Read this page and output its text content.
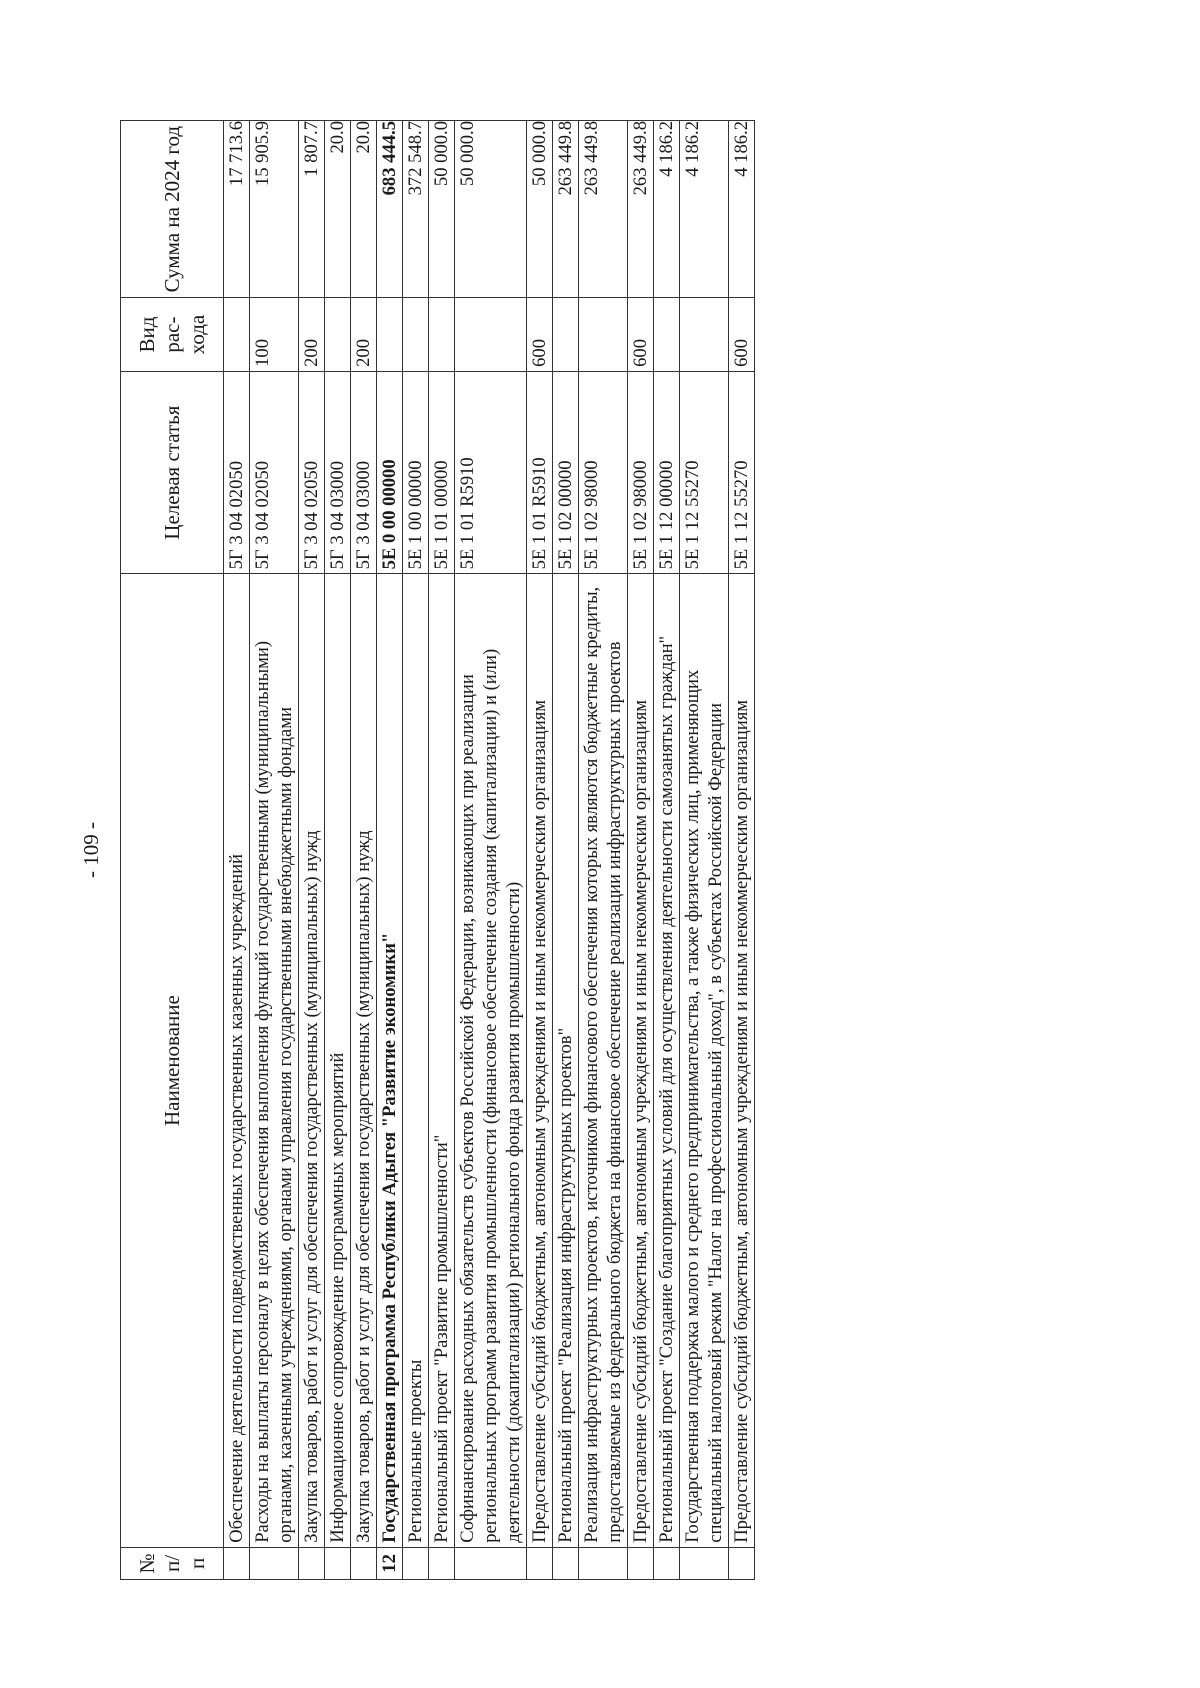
- 109 -
№ п/п	Наименование	Целевая статья	Вид рас-хода	Сумма на 2024 год
	Обеспечение деятельности подведомственных государственных казенных учреждений	5Г 3 04 02050		17 713.6
	Расходы на выплаты персоналу в целях обеспечения выполнения функций государственными (муниципальными) органами, казенными учреждениями, органами управления государственными внебюджетными фондами	5Г 3 04 02050	100	15 905.9
	Закупка товаров, работ и услуг для обеспечения государственных (муниципальных) нужд	5Г 3 04 02050	200	1 807.7
	Информационное сопровождение программных мероприятий	5Г 3 04 03000		20.0
	Закупка товаров, работ и услуг для обеспечения государственных (муниципальных) нужд	5Г 3 04 03000	200	20.0
12	Государственная программа Республики Адыгея "Развитие экономики"	5Е 0 00 00000		683 444.5
	Региональные проекты	5Е 1 00 00000		372 548.7
	Региональный проект "Развитие промышленности"	5Е 1 01 00000		50 000.0
	Софинансирование расходных обязательств субъектов Российской Федерации, возникающих при реализации региональных программ развития промышленности (финансовое обеспечение создания (капитализации) и (или) деятельности (докапитализации) регионального фонда развития промышленности)	5Е 1 01 R5910		50 000.0
	Предоставление субсидий бюджетным, автономным учреждениям и иным некоммерческим организациям	5Е 1 01 R5910	600	50 000.0
	Региональный проект "Реализация инфраструктурных проектов"	5Е 1 02 00000		263 449.8
	Реализация инфраструктурных проектов, источником финансового обеспечения которых являются бюджетные кредиты, предоставляемые из федерального бюджета на финансовое обеспечение реализации инфраструктурных проектов	5Е 1 02 98000		263 449.8
	Предоставление субсидий бюджетным, автономным учреждениям и иным некоммерческим организациям	5Е 1 02 98000	600	263 449.8
	Региональный проект "Создание благоприятных условий для осуществления деятельности самозанятых граждан"	5Е 1 12 00000		4 186.2
	Государственная поддержка малого и среднего предпринимательства, а также физических лиц, применяющих специальный налоговый режим "Налог на профессиональный доход", в субъектах Российской Федерации	5Е 1 12 55270		4 186.2
	Предоставление субсидий бюджетным, автономным учреждениям и иным некоммерческим организациям	5Е 1 12 55270	600	4 186.2
